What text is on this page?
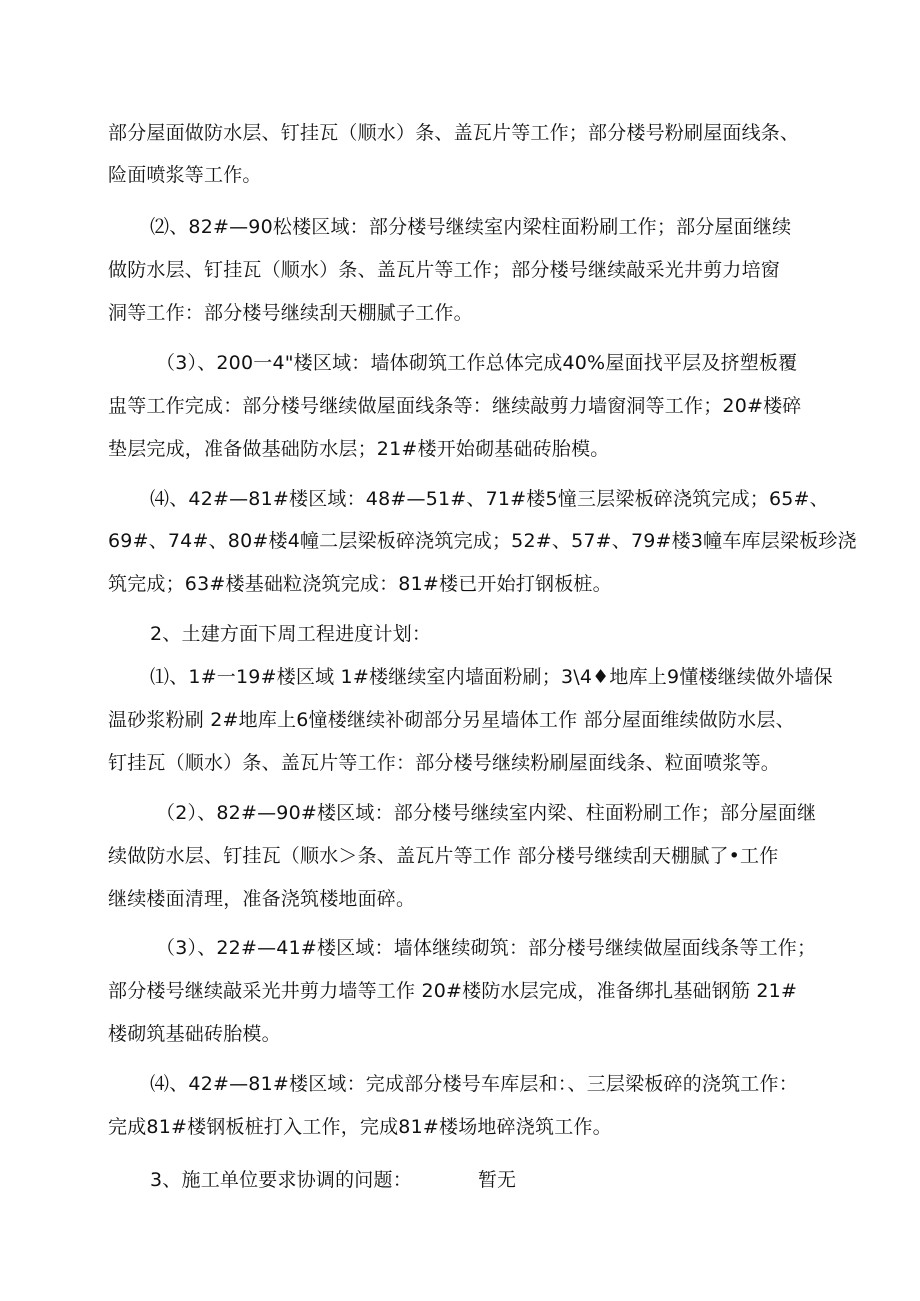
部分屋面做防水层、钉挂瓦（顺水）条、盖瓦片等工作；部分楼号粉刷屋面线条、
险面喷浆等工作。
⑵、82#—90松楼区域：部分楼号继续室内梁柱面粉刷工作；部分屋面继续
做防水层、钉挂瓦（顺水）条、盖瓦片等工作；部分楼号继续敲采光井剪力培窗
洞等工作：部分楼号继续刮天棚腻子工作。
（3）、200一4"楼区域：墙体砌筑工作总体完成40%屋面找平层及挤塑板覆
盅等工作完成：部分楼号继续做屋面线条等：继续敲剪力墙窗洞等工作；20#楼碎
垫层完成，准备做基础防水层；21#楼开始砌基础砖胎模。
⑷、42#—81#楼区域：48#—51#、71#楼5憧三层梁板碎浇筑完成；65#、
69#、74#、80#楼4幢二层梁板碎浇筑完成；52#、57#、79#楼3幢车库层梁板珍浇
筑完成；63#楼基础粒浇筑完成：81#楼已开始打钢板桩。
2、土建方面下周工程进度计划：
⑴、1#一19#楼区域 1#楼继续室内墙面粉刷；3\4♦地库上9懂楼继续做外墙保
温砂浆粉刷 2#地库上6憧楼继续补砌部分另星墙体工作 部分屋面维续做防水层、
钉挂瓦（顺水）条、盖瓦片等工作：部分楼号继续粉刷屋面线条、粒面喷浆等。
（2）、82#—90#楼区域：部分楼号继续室内梁、柱面粉刷工作；部分屋面继
续做防水层、钉挂瓦（顺水＞条、盖瓦片等工作 部分楼号继续刮天棚腻了•工作
继续楼面清理，准备浇筑楼地面碎。
（3）、22#—41#楼区域：墙体继续砌筑：部分楼号继续做屋面线条等工作；
部分楼号继续敲采光井剪力墙等工作 20#楼防水层完成，准备绑扎基础钢筋 21#
楼砌筑基础砖胎模。
⑷、42#—81#楼区域：完成部分楼号车库层和：、三层梁板碎的浇筑工作：
完成81#楼钢板桩打入工作，完成81#楼场地碎浇筑工作。
3、施工单位要求协调的问题：	暂无
